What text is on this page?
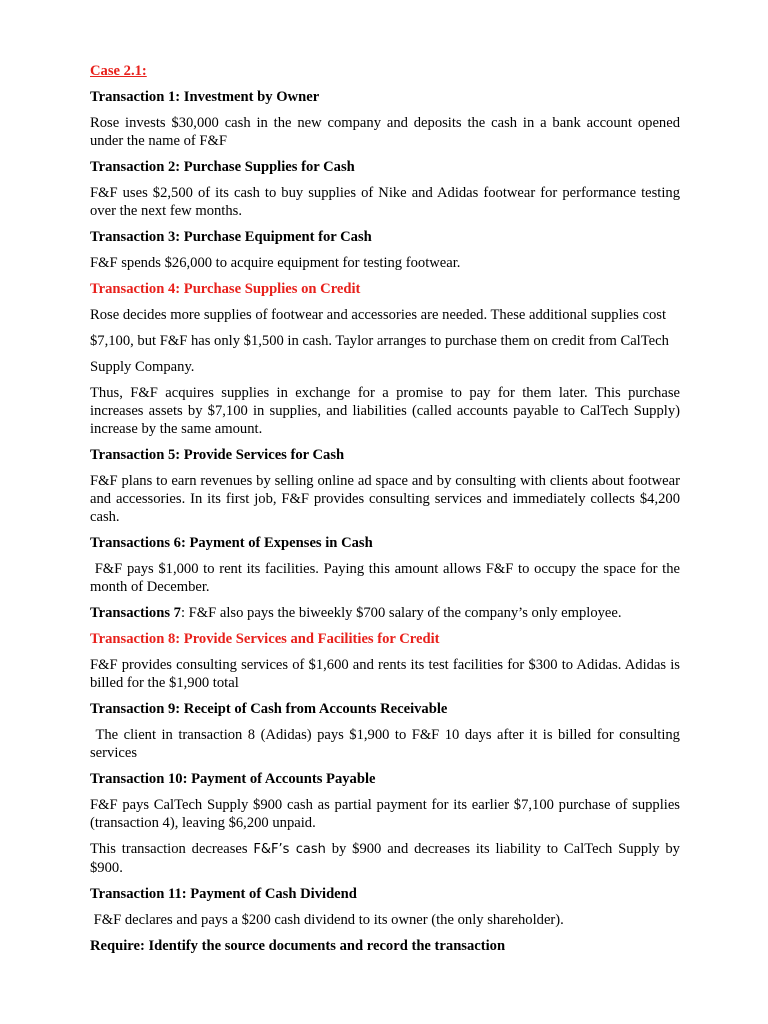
Case 2.1:
Transaction 1: Investment by Owner

Rose invests $30,000 cash in the new company and deposits the cash in a bank account opened under the name of F&F

Transaction 2: Purchase Supplies for Cash

F&F uses $2,500 of its cash to buy supplies of Nike and Adidas footwear for performance testing over the next few months.

Transaction 3: Purchase Equipment for Cash

F&F spends $26,000 to acquire equipment for testing footwear.

Transaction 4: Purchase Supplies on Credit

Rose decides more supplies of footwear and accessories are needed. These additional supplies cost

$7,100, but F&F has only $1,500 in cash. Taylor arranges to purchase them on credit from CalTech

Supply Company.

Thus, F&F acquires supplies in exchange for a promise to pay for them later. This purchase increases assets by $7,100 in supplies, and liabilities (called accounts payable to CalTech Supply) increase by the same amount.

Transaction 5: Provide Services for Cash

F&F plans to earn revenues by selling online ad space and by consulting with clients about footwear and accessories. In its first job, F&F provides consulting services and immediately collects $4,200 cash.

Transactions 6: Payment of Expenses in Cash

F&F pays $1,000 to rent its facilities. Paying this amount allows F&F to occupy the space for the month of December.

Transactions 7: F&F also pays the biweekly $700 salary of the company’s only employee.

Transaction 8: Provide Services and Facilities for Credit

F&F provides consulting services of $1,600 and rents its test facilities for $300 to Adidas. Adidas is billed for the $1,900 total

Transaction 9: Receipt of Cash from Accounts Receivable

The client in transaction 8 (Adidas) pays $1,900 to F&F 10 days after it is billed for consulting services

Transaction 10: Payment of Accounts Payable

F&F pays CalTech Supply $900 cash as partial payment for its earlier $7,100 purchase of supplies (transaction 4), leaving $6,200 unpaid.

This transaction decreases F&F’s cash by $900 and decreases its liability to CalTech Supply by $900.

Transaction 11: Payment of Cash Dividend

F&F declares and pays a $200 cash dividend to its owner (the only shareholder).

Require: Identify the source documents and record the transaction
